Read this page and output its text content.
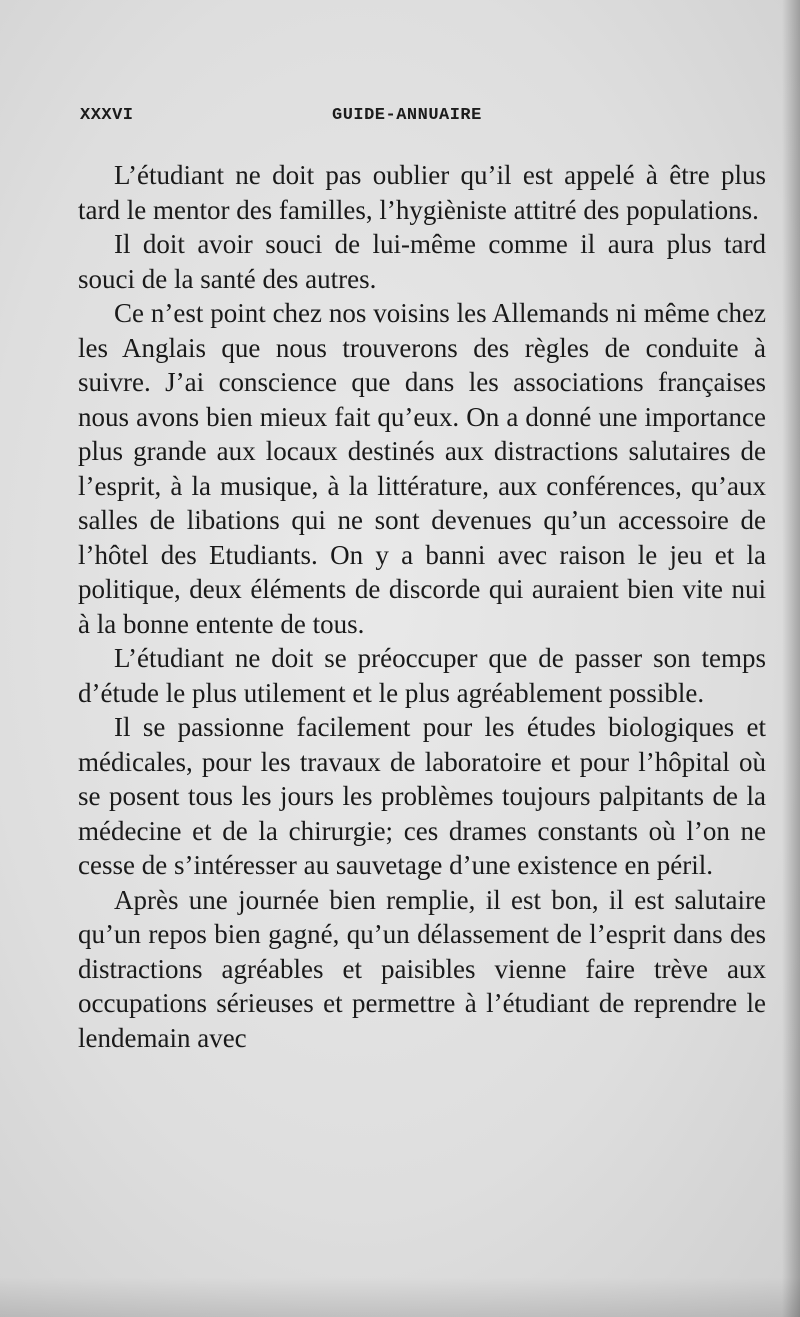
XXXVI	GUIDE-ANNUAIRE

L’étudiant ne doit pas oublier qu’il est appelé à être plus tard le mentor des familles, l’hygièniste attitré des populations.

Il doit avoir souci de lui-même comme il aura plus tard souci de la santé des autres.

Ce n’est point chez nos voisins les Allemands ni même chez les Anglais que nous trouverons des règles de conduite à suivre. J’ai conscience que dans les associations françaises nous avons bien mieux fait qu’eux. On a donné une importance plus grande aux locaux destinés aux distractions salutaires de l’esprit, à la musique, à la littérature, aux conférences, qu’aux salles de libations qui ne sont devenues qu’un accessoire de l’hôtel des Etudiants. On y a banni avec raison le jeu et la politique, deux éléments de discorde qui auraient bien vite nui à la bonne entente de tous.

L’étudiant ne doit se préoccuper que de passer son temps d’étude le plus utilement et le plus agréablement possible.

Il se passionne facilement pour les études biologiques et médicales, pour les travaux de laboratoire et pour l’hôpital où se posent tous les jours les problèmes toujours palpitants de la médecine et de la chirurgie; ces drames constants où l’on ne cesse de s’intéresser au sauvetage d’une existence en péril.

Après une journée bien remplie, il est bon, il est salutaire qu’un repos bien gagné, qu’un délassement de l’esprit dans des distractions agréables et paisibles vienne faire trève aux occupations sérieuses et permettre à l’étudiant de reprendre le lendemain avec
